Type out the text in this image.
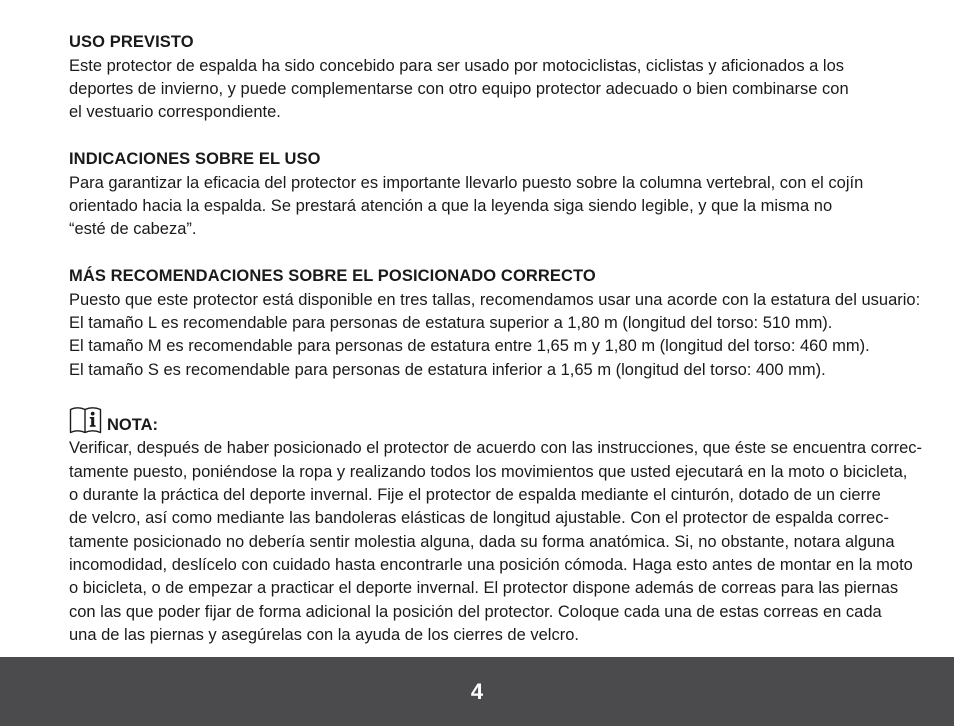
USO PREVISTO
Este protector de espalda ha sido concebido para ser usado por motociclistas, ciclistas y aficionados a los
deportes de invierno, y puede complementarse con otro equipo protector adecuado o bien combinarse con
el vestuario correspondiente.
INDICACIONES SOBRE EL USO
Para garantizar la eficacia del protector es importante llevarlo puesto sobre la columna vertebral, con el cojín
orientado hacia la espalda. Se prestará atención a que la leyenda siga siendo legible, y que la misma no
“esté de cabeza”.
MÁS RECOMENDACIONES SOBRE EL POSICIONADO CORRECTO
Puesto que este protector está disponible en tres tallas, recomendamos usar una acorde con la estatura del usuario:
El tamaño L es recomendable para personas de estatura superior a 1,80 m (longitud del torso: 510 mm).
El tamaño M es recomendable para personas de estatura entre 1,65 m y 1,80 m (longitud del torso: 460 mm).
El tamaño S es recomendable para personas de estatura inferior a 1,65 m (longitud del torso: 400 mm).
NOTA:
Verificar, después de haber posicionado el protector de acuerdo con las instrucciones, que éste se encuentra correc-
tamente puesto, poniéndose la ropa y realizando todos los movimientos que usted ejecutará en la moto o bicicleta,
o durante la práctica del deporte invernal. Fije el protector de espalda mediante el cinturón, dotado de un cierre
de velcro, así como mediante las bandoleras elásticas de longitud ajustable. Con el protector de espalda correc-
tamente posicionado no debería sentir molestia alguna, dada su forma anatómica. Si, no obstante, notara alguna
incomodidad, deslícelo con cuidado hasta encontrarle una posición cómoda. Haga esto antes de montar en la moto
o bicicleta, o de empezar a practicar el deporte invernal. El protector dispone además de correas para las piernas
con las que poder fijar de forma adicional la posición del protector. Coloque cada una de estas correas en cada
una de las piernas y asegúrelas con la ayuda de los cierres de velcro.
4
